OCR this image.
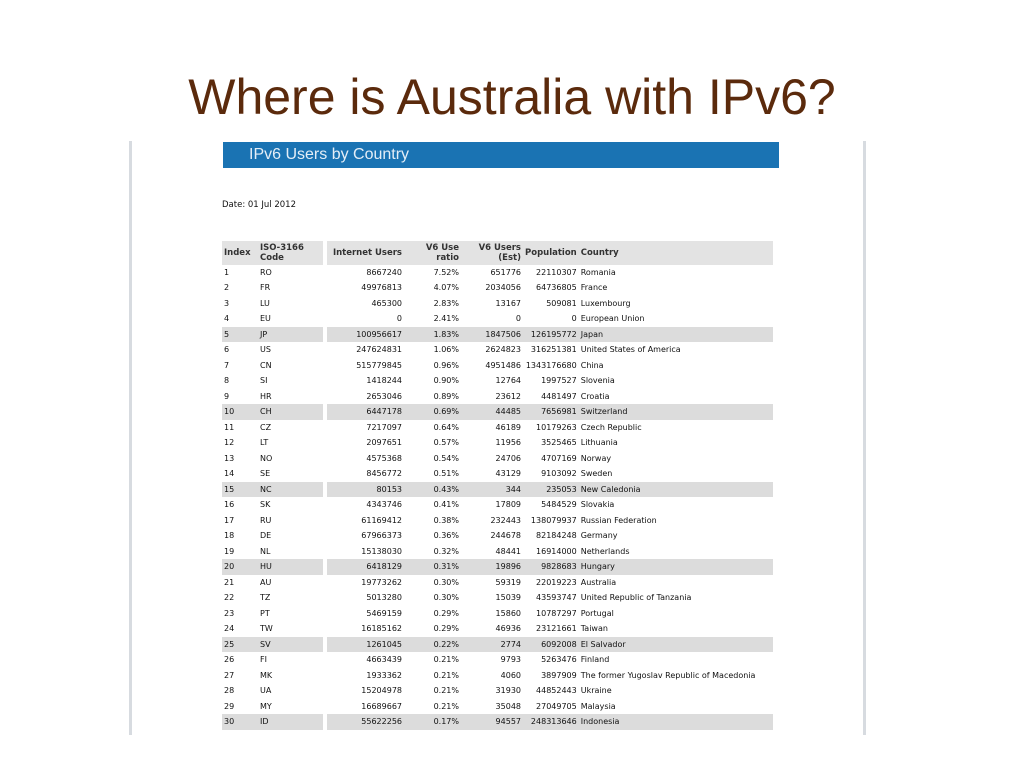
Where is Australia with IPv6?
IPv6 Users by Country
Date: 01 Jul 2012
Index	ISO-3166 Code		Internet Users	V6 Use ratio	V6 Users (Est)	Population	Country
1	RO		8667240	7.52%	651776	22110307	Romania
2	FR		49976813	4.07%	2034056	64736805	France
3	LU		465300	2.83%	13167	509081	Luxembourg
4	EU		0	2.41%	0	0	European Union
5	JP		100956617	1.83%	1847506	126195772	Japan
6	US		247624831	1.06%	2624823	316251381	United States of America
7	CN		515779845	0.96%	4951486	1343176680	China
8	SI		1418244	0.90%	12764	1997527	Slovenia
9	HR		2653046	0.89%	23612	4481497	Croatia
10	CH		6447178	0.69%	44485	7656981	Switzerland
11	CZ		7217097	0.64%	46189	10179263	Czech Republic
12	LT		2097651	0.57%	11956	3525465	Lithuania
13	NO		4575368	0.54%	24706	4707169	Norway
14	SE		8456772	0.51%	43129	9103092	Sweden
15	NC		80153	0.43%	344	235053	New Caledonia
16	SK		4343746	0.41%	17809	5484529	Slovakia
17	RU		61169412	0.38%	232443	138079937	Russian Federation
18	DE		67966373	0.36%	244678	82184248	Germany
19	NL		15138030	0.32%	48441	16914000	Netherlands
20	HU		6418129	0.31%	19896	9828683	Hungary
21	AU		19773262	0.30%	59319	22019223	Australia
22	TZ		5013280	0.30%	15039	43593747	United Republic of Tanzania
23	PT		5469159	0.29%	15860	10787297	Portugal
24	TW		16185162	0.29%	46936	23121661	Taiwan
25	SV		1261045	0.22%	2774	6092008	El Salvador
26	FI		4663439	0.21%	9793	5263476	Finland
27	MK		1933362	0.21%	4060	3897909	The former Yugoslav Republic of Macedonia
28	UA		15204978	0.21%	31930	44852443	Ukraine
29	MY		16689667	0.21%	35048	27049705	Malaysia
30	ID		55622256	0.17%	94557	248313646	Indonesia
